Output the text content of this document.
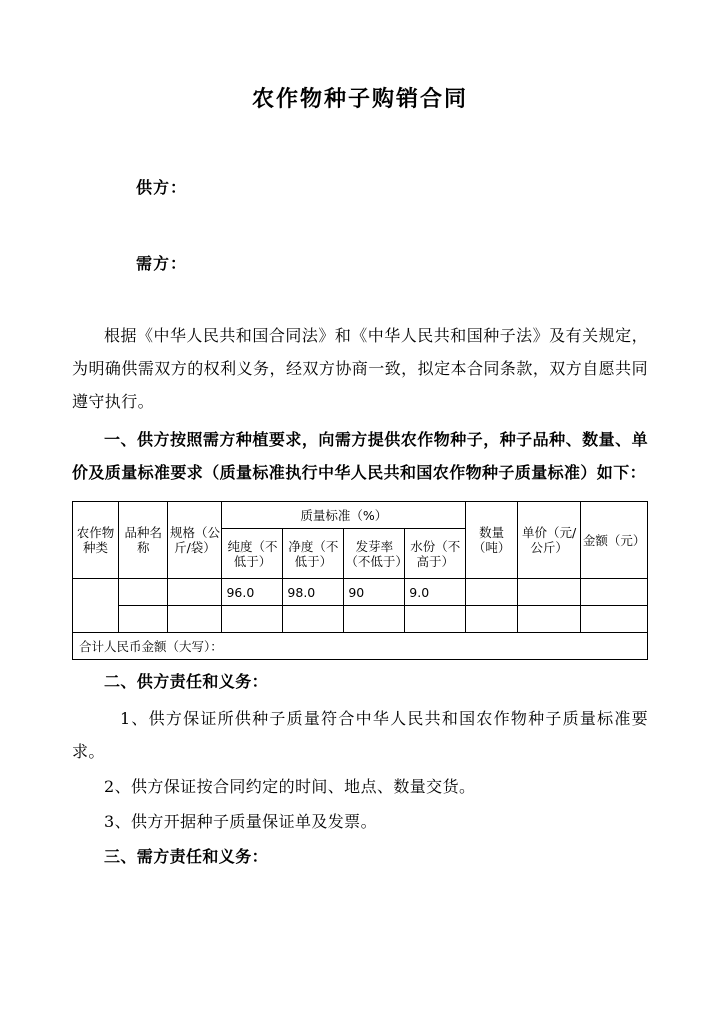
农作物种子购销合同

供方：

需方：

根据《中华人民共和国合同法》和《中华人民共和国种子法》及有关规定，为明确供需双方的权利义务，经双方协商一致，拟定本合同条款，双方自愿共同遵守执行。

一、供方按照需方种植要求，向需方提供农作物种子，种子品种、数量、单价及质量标准要求（质量标准执行中华人民共和国农作物种子质量标准）如下：

农作物种类	品种名称	规格（公斤/袋）	质量标准（%）				数量（吨）	单价（元/公斤）	金额（元）
			纯度（不低于）	净度（不低于）	发芽率（不低于）	水份（不高于）			
			96.0	98.0	90	9.0			

合计人民币金额（大写）：									

二、供方责任和义务：

1、供方保证所供种子质量符合中华人民共和国农作物种子质量标准要求。

2、供方保证按合同约定的时间、地点、数量交货。

3、供方开据种子质量保证单及发票。

三、需方责任和义务：
